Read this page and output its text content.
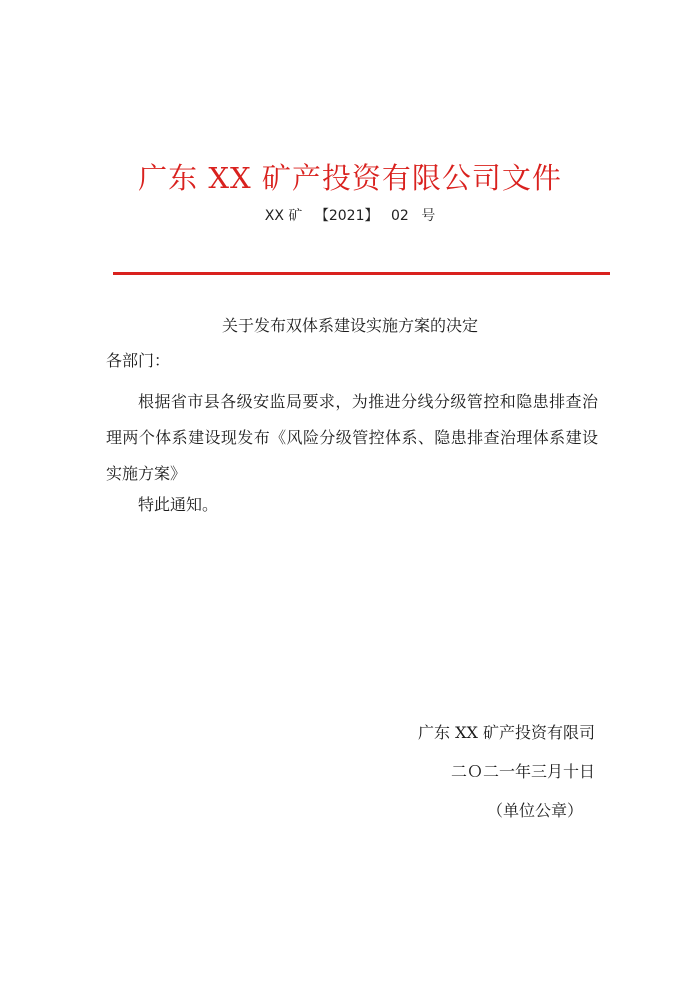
广东 XX 矿产投资有限公司文件
XX 矿 【2021】 02 号
关于发布双体系建设实施方案的决定
各部门：
根据省市县各级安监局要求，为推进分线分级管控和隐患排查治理两个体系建设现发布《风险分级管控体系、隐患排查治理体系建设实施方案》
特此通知。
广东 XX 矿产投资有限司
二Ｏ二一年三月十日
（单位公章）
